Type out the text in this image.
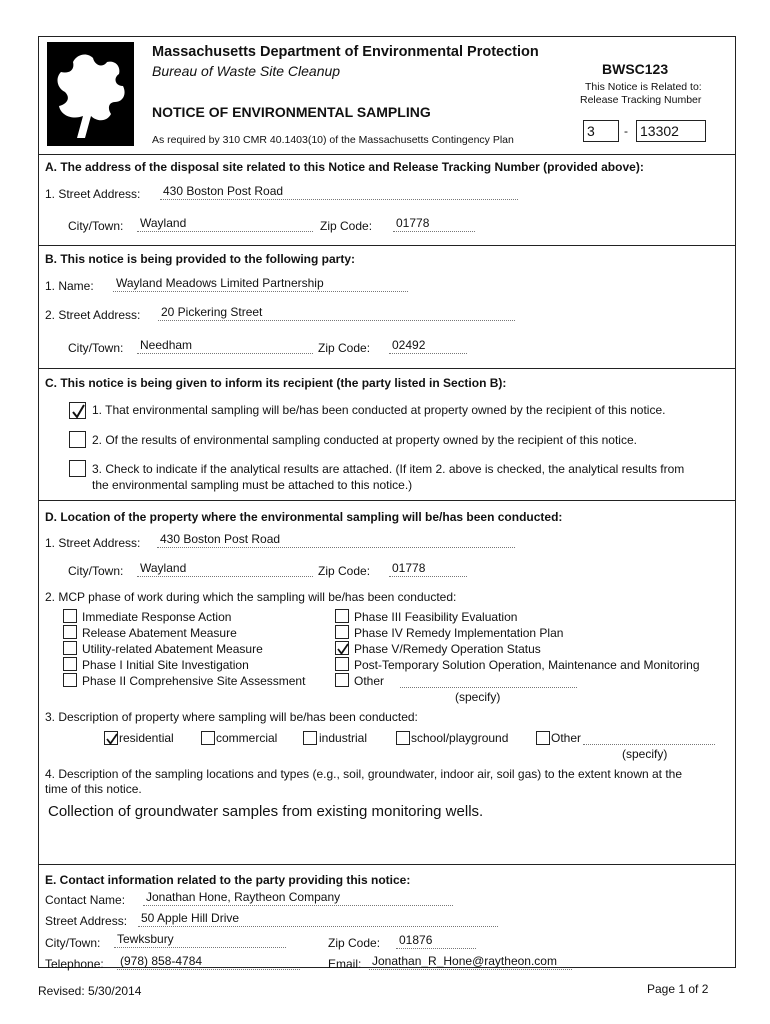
Massachusetts Department of Environmental Protection
Bureau of Waste Site Cleanup
NOTICE OF ENVIRONMENTAL SAMPLING
As required by 310 CMR 40.1403(10) of the Massachusetts Contingency Plan
BWSC123
This Notice is Related to:
Release Tracking Number
3	- 13302
A. The address of the disposal site related to this Notice and Release Tracking Number (provided above):
1. Street Address: 430 Boston Post Road
City/Town: Wayland	Zip Code: 01778
B. This notice is being provided to the following party:
1. Name: Wayland Meadows Limited Partnership
2. Street Address: 20 Pickering Street
City/Town: Needham	Zip Code: 02492
C. This notice is being given to inform its recipient (the party listed in Section B):
1. That environmental sampling will be/has been conducted at property owned by the recipient of this notice.
2. Of the results of environmental sampling conducted at property owned by the recipient of this notice.
3. Check to indicate if the analytical results are attached. (If item 2. above is checked, the analytical results from
the environmental sampling must be attached to this notice.)
D. Location of the property where the environmental sampling will be/has been conducted:
1. Street Address: 430 Boston Post Road
City/Town: Wayland	Zip Code: 01778
2. MCP phase of work during which the sampling will be/has been conducted:
Immediate Response Action
Release Abatement Measure
Utility-related Abatement Measure
Phase I Initial Site Investigation
Phase II Comprehensive Site Assessment
Phase III Feasibility Evaluation
Phase IV Remedy Implementation Plan
Phase V/Remedy Operation Status
Post-Temporary Solution Operation, Maintenance and Monitoring
Other
(specify)
3. Description of property where sampling will be/has been conducted:
residential	commercial	industrial	school/playground	Other
(specify)
4. Description of the sampling locations and types (e.g., soil, groundwater, indoor air, soil gas) to the extent known at the
time of this notice.
Collection of groundwater samples from existing monitoring wells.
E. Contact information related to the party providing this notice:
Contact Name: Jonathan Hone, Raytheon Company
Street Address: 50 Apple Hill Drive
City/Town: Tewksbury	Zip Code: 01876
Telephone: (978) 858-4784	Email: Jonathan_R_Hone@raytheon.com
Revised: 5/30/2014	Page 1 of 2
